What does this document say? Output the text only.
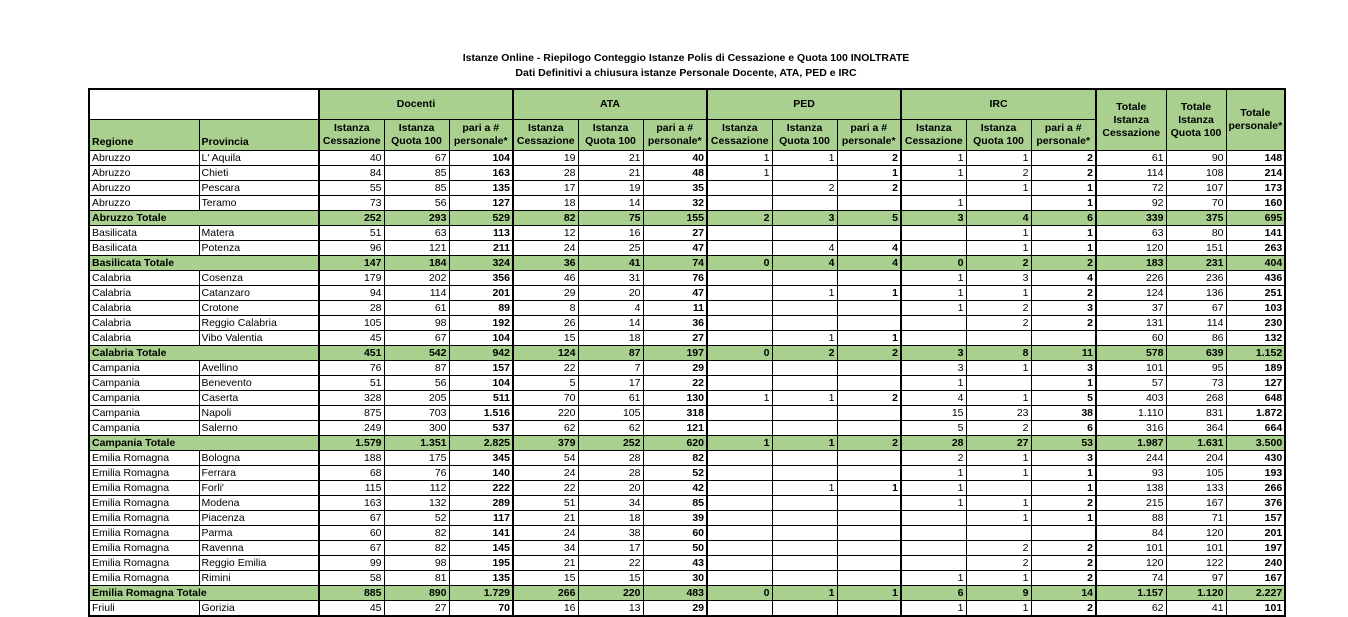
Istanze Online - Riepilogo Conteggio Istanze Polis di Cessazione e Quota 100 INOLTRATE
Dati Definitivi a chiusura istanze Personale Docente, ATA, PED e IRC
		Docenti			ATA			PED			IRC			Totale Istanza Cessazione	Totale Istanza Quota 100	Totale personale*
Regione	Provincia	Istanza Cessazione	Istanza Quota 100	pari a # personale*	Istanza Cessazione	Istanza Quota 100	pari a # personale*	Istanza Cessazione	Istanza Quota 100	pari a # personale*	Istanza Cessazione	Istanza Quota 100	pari a # personale*			
Abruzzo	L' Aquila	40	67	104	19	21	40	1	1	2	1	1	2	61	90	148
Abruzzo	Chieti	84	85	163	28	21	48	1		1	1	2	2	114	108	214
Abruzzo	Pescara	55	85	135	17	19	35		2	2		1	1	72	107	173
Abruzzo	Teramo	73	56	127	18	14	32				1		1	92	70	160
Abruzzo Totale		252	293	529	82	75	155	2	3	5	3	4	6	339	375	695
Basilicata	Matera	51	63	113	12	16	27					1	1	63	80	141
Basilicata	Potenza	96	121	211	24	25	47		4	4		1	1	120	151	263
Basilicata Totale		147	184	324	36	41	74	0	4	4	0	2	2	183	231	404
Calabria	Cosenza	179	202	356	46	31	76				1	3	4	226	236	436
Calabria	Catanzaro	94	114	201	29	20	47		1	1	1	1	2	124	136	251
Calabria	Crotone	28	61	89	8	4	11				1	2	3	37	67	103
Calabria	Reggio Calabria	105	98	192	26	14	36					2	2	131	114	230
Calabria	Vibo Valentia	45	67	104	15	18	27		1	1				60	86	132
Calabria Totale		451	542	942	124	87	197	0	2	2	3	8	11	578	639	1.152
Campania	Avellino	76	87	157	22	7	29				3	1	3	101	95	189
Campania	Benevento	51	56	104	5	17	22				1		1	57	73	127
Campania	Caserta	328	205	511	70	61	130	1	1	2	4	1	5	403	268	648
Campania	Napoli	875	703	1.516	220	105	318				15	23	38	1.110	831	1.872
Campania	Salerno	249	300	537	62	62	121				5	2	6	316	364	664
Campania Totale		1.579	1.351	2.825	379	252	620	1	1	2	28	27	53	1.987	1.631	3.500
Emilia Romagna	Bologna	188	175	345	54	28	82				2	1	3	244	204	430
Emilia Romagna	Ferrara	68	76	140	24	28	52				1	1	1	93	105	193
Emilia Romagna	Forli'	115	112	222	22	20	42		1	1	1		1	138	133	266
Emilia Romagna	Modena	163	132	289	51	34	85				1	1	2	215	167	376
Emilia Romagna	Piacenza	67	52	117	21	18	39					1	1	88	71	157
Emilia Romagna	Parma	60	82	141	24	38	60							84	120	201
Emilia Romagna	Ravenna	67	82	145	34	17	50					2	2	101	101	197
Emilia Romagna	Reggio Emilia	99	98	195	21	22	43					2	2	120	122	240
Emilia Romagna	Rimini	58	81	135	15	15	30				1	1	2	74	97	167
Emilia Romagna Totale		885	890	1.729	266	220	483	0	1	1	6	9	14	1.157	1.120	2.227
Friuli	Gorizia	45	27	70	16	13	29				1	1	2	62	41	101
